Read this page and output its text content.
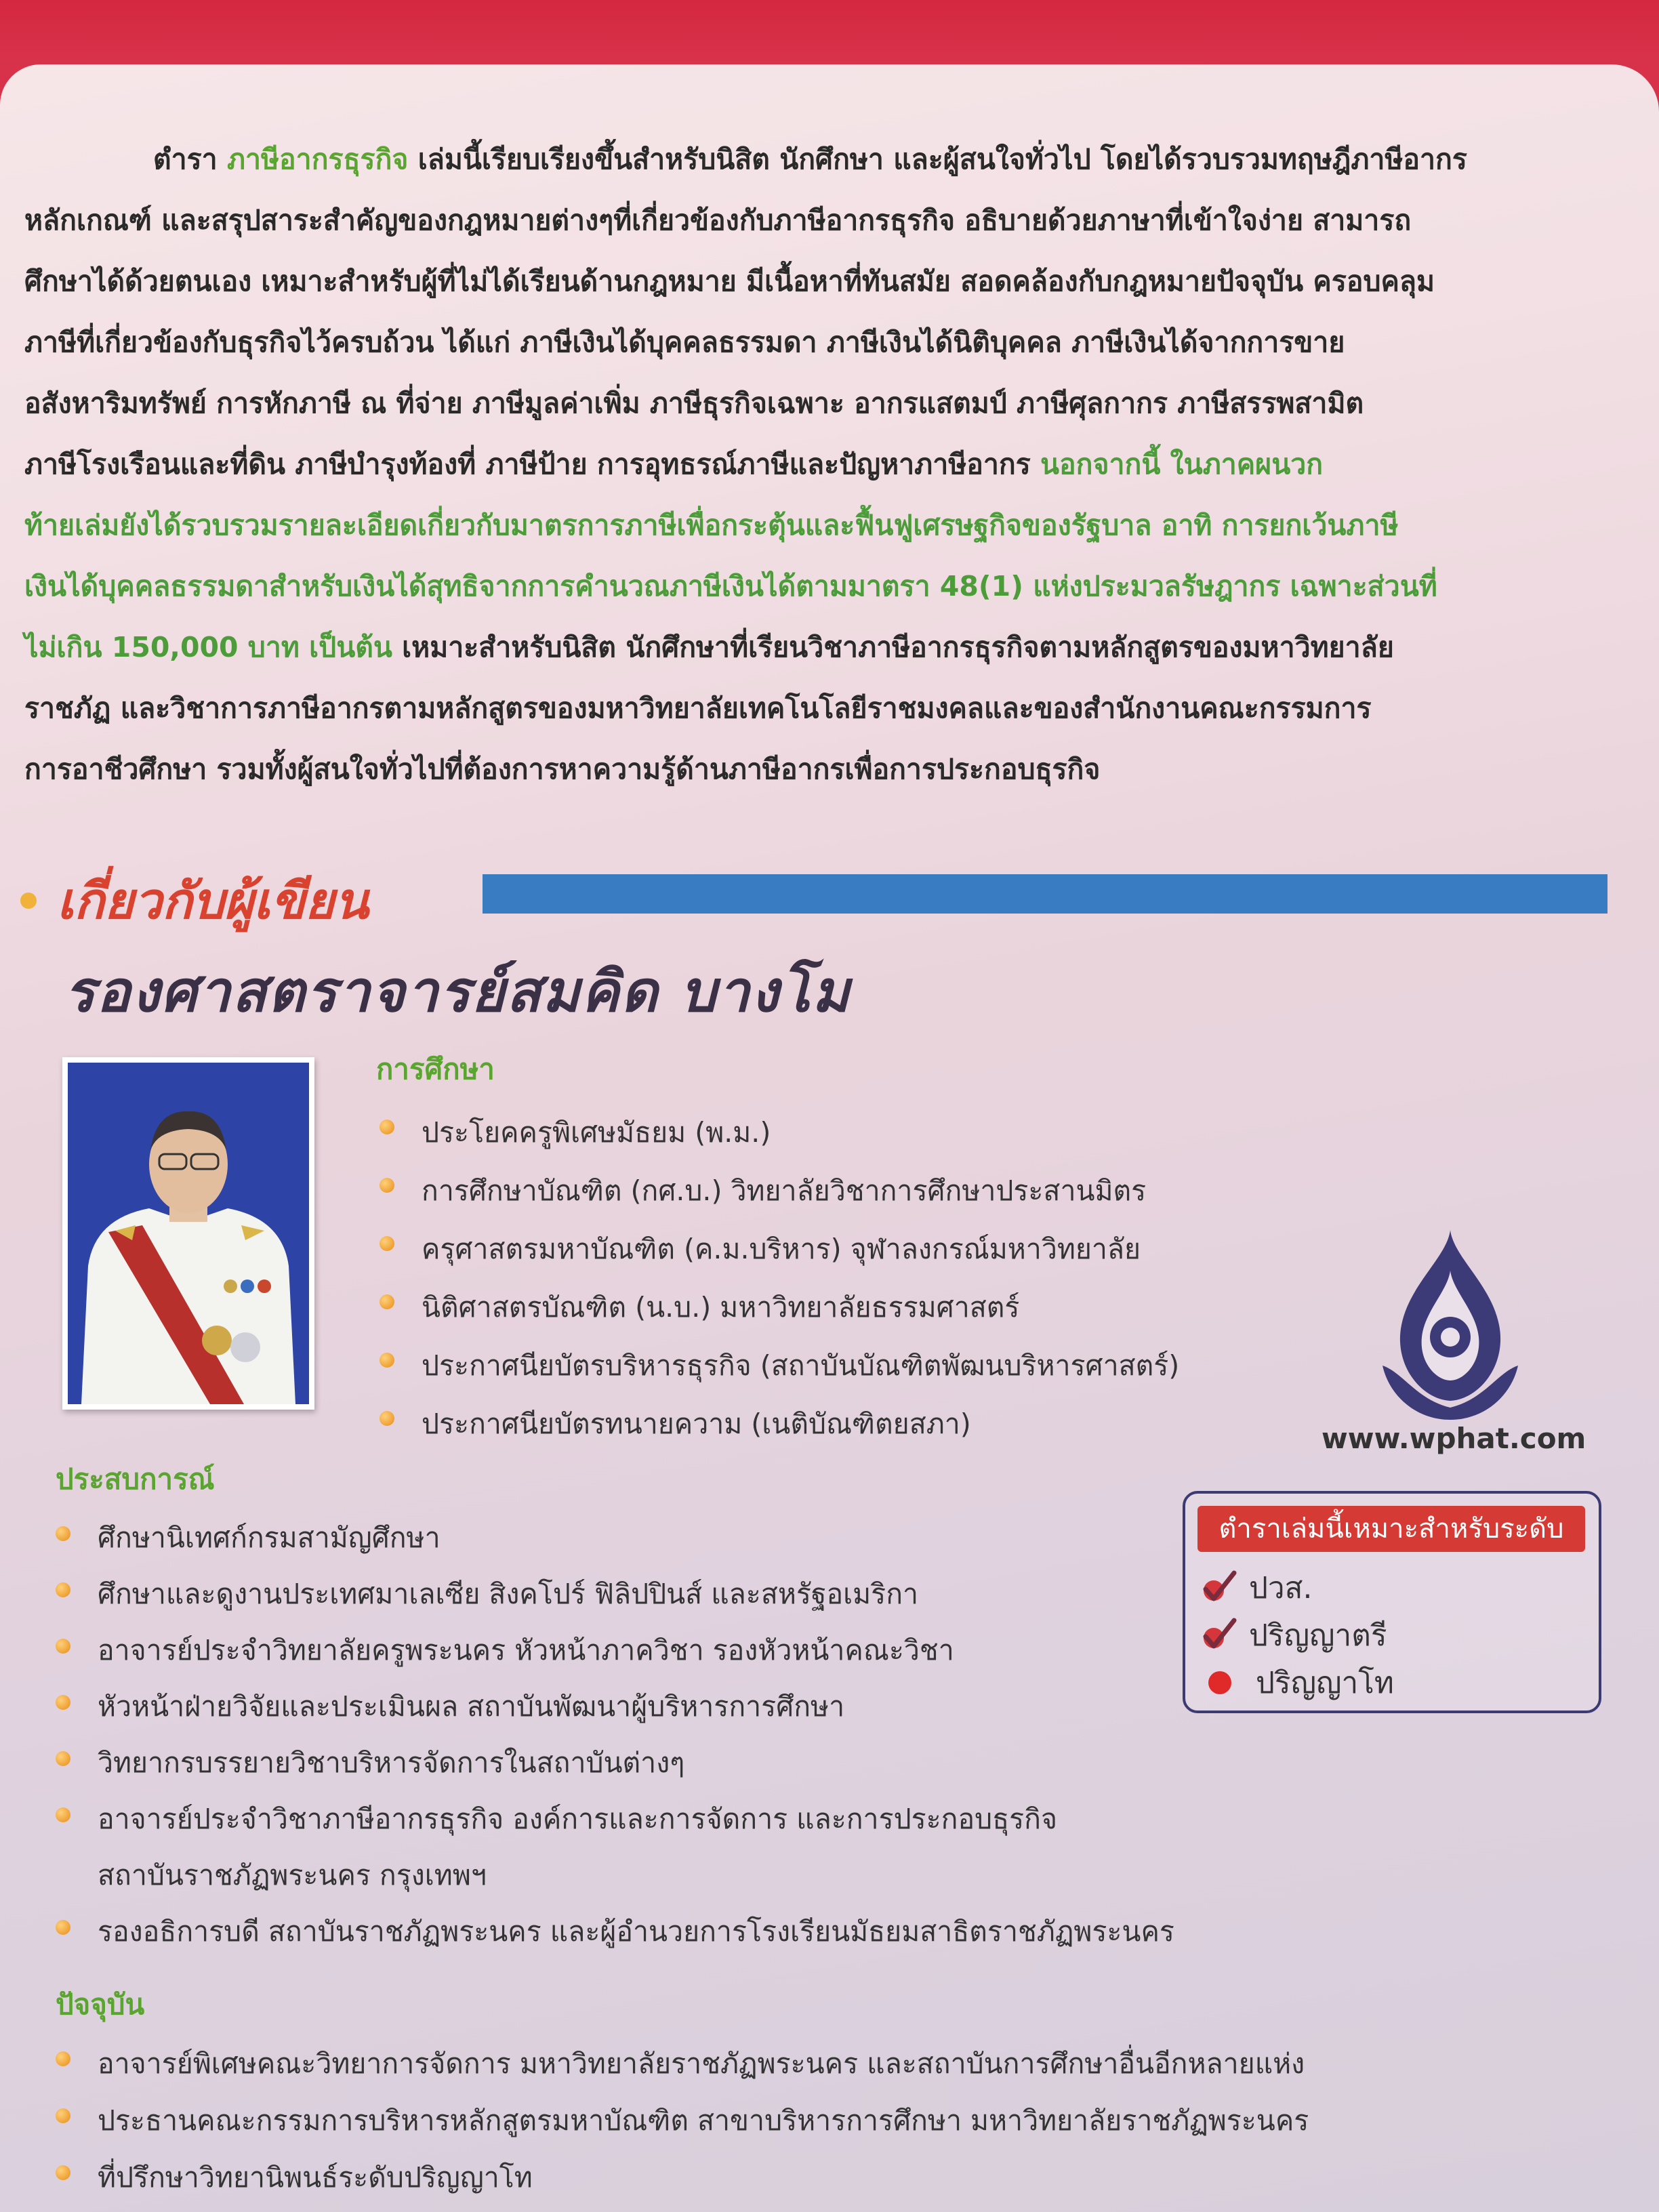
ตำรา ภาษีอากรธุรกิจ เล่มนี้เรียบเรียงขึ้นสำหรับนิสิต นักศึกษา และผู้สนใจทั่วไป โดยได้รวบรวมทฤษฎีภาษีอากร

หลักเกณฑ์ และสรุปสาระสำคัญของกฎหมายต่างๆที่เกี่ยวข้องกับภาษีอากรธุรกิจ อธิบายด้วยภาษาที่เข้าใจง่าย สามารถ

ศึกษาได้ด้วยตนเอง เหมาะสำหรับผู้ที่ไม่ได้เรียนด้านกฎหมาย มีเนื้อหาที่ทันสมัย สอดคล้องกับกฎหมายปัจจุบัน ครอบคลุม

ภาษีที่เกี่ยวข้องกับธุรกิจไว้ครบถ้วน ได้แก่ ภาษีเงินได้บุคคลธรรมดา ภาษีเงินได้นิติบุคคล ภาษีเงินได้จากการขาย

อสังหาริมทรัพย์ การหักภาษี ณ ที่จ่าย ภาษีมูลค่าเพิ่ม ภาษีธุรกิจเฉพาะ อากรแสตมป์ ภาษีศุลกากร ภาษีสรรพสามิต

ภาษีโรงเรือนและที่ดิน ภาษีบำรุงท้องที่ ภาษีป้าย การอุทธรณ์ภาษีและปัญหาภาษีอากร นอกจากนี้ ในภาคผนวก

ท้ายเล่มยังได้รวบรวมรายละเอียดเกี่ยวกับมาตรการภาษีเพื่อกระตุ้นและฟื้นฟูเศรษฐกิจของรัฐบาล อาทิ การยกเว้นภาษี

เงินได้บุคคลธรรมดาสำหรับเงินได้สุทธิจากการคำนวณภาษีเงินได้ตามมาตรา 48(1) แห่งประมวลรัษฎากร เฉพาะส่วนที่

ไม่เกิน 150,000 บาท เป็นต้น เหมาะสำหรับนิสิต นักศึกษาที่เรียนวิชาภาษีอากรธุรกิจตามหลักสูตรของมหาวิทยาลัย

ราชภัฏ และวิชาการภาษีอากรตามหลักสูตรของมหาวิทยาลัยเทคโนโลยีราชมงคลและของสำนักงานคณะกรรมการ

การอาชีวศึกษา รวมทั้งผู้สนใจทั่วไปที่ต้องการหาความรู้ด้านภาษีอากรเพื่อการประกอบธุรกิจ

เกี่ยวกับผู้เขียน
รองศาสตราจารย์สมคิด บางโม
การศึกษา
ประโยคครูพิเศษมัธยม (พ.ม.)
การศึกษาบัณฑิต (กศ.บ.) วิทยาลัยวิชาการศึกษาประสานมิตร
ครุศาสตรมหาบัณฑิต (ค.ม.บริหาร) จุฬาลงกรณ์มหาวิทยาลัย
นิติศาสตรบัณฑิต (น.บ.) มหาวิทยาลัยธรรมศาสตร์
ประกาศนียบัตรบริหารธุรกิจ (สถาบันบัณฑิตพัฒนบริหารศาสตร์)
ประกาศนียบัตรทนายความ (เนติบัณฑิตยสภา)	www.wphat.com
ประสบการณ์
ศึกษานิเทศก์กรมสามัญศึกษา
ศึกษาและดูงานประเทศมาเลเซีย สิงคโปร์ ฟิลิปปินส์ และสหรัฐอเมริกา
อาจารย์ประจำวิทยาลัยครูพระนคร หัวหน้าภาควิชา รองหัวหน้าคณะวิชา
หัวหน้าฝ่ายวิจัยและประเมินผล สถาบันพัฒนาผู้บริหารการศึกษา
วิทยากรบรรยายวิชาบริหารจัดการในสถาบันต่างๆ
อาจารย์ประจำวิชาภาษีอากรธุรกิจ องค์การและการจัดการ และการประกอบธุรกิจ
สถาบันราชภัฏพระนคร กรุงเทพฯ
รองอธิการบดี สถาบันราชภัฏพระนคร และผู้อำนวยการโรงเรียนมัธยมสาธิตราชภัฏพระนคร
ตำราเล่มนี้เหมาะสำหรับระดับ
ปวส.
ปริญญาตรี
ปริญญาโท
ปัจจุบัน
อาจารย์พิเศษคณะวิทยาการจัดการ มหาวิทยาลัยราชภัฏพระนคร และสถาบันการศึกษาอื่นอีกหลายแห่ง
ประธานคณะกรรมการบริหารหลักสูตรมหาบัณฑิต สาขาบริหารการศึกษา มหาวิทยาลัยราชภัฏพระนคร
ที่ปรึกษาวิทยานิพนธ์ระดับปริญญาโท
